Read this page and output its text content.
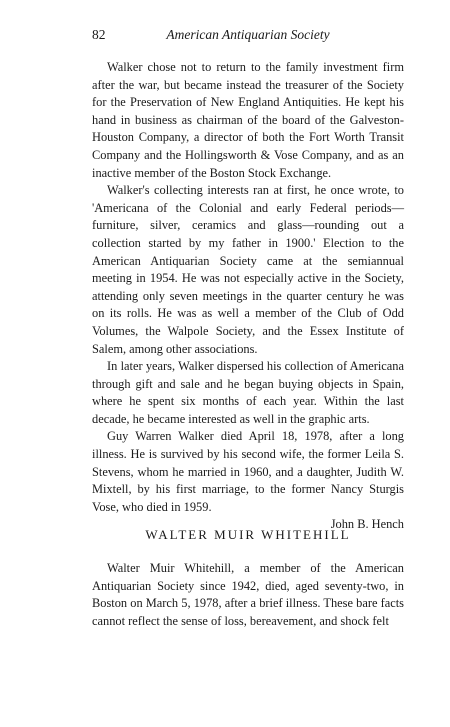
82	American Antiquarian Society

Walker chose not to return to the family investment firm after the war, but became instead the treasurer of the Society for the Preservation of New England Antiquities. He kept his hand in business as chairman of the board of the Galveston-Houston Company, a director of both the Fort Worth Transit Company and the Hollingsworth & Vose Company, and as an inactive member of the Boston Stock Exchange.

Walker's collecting interests ran at first, he once wrote, to 'Americana of the Colonial and early Federal periods—furniture, silver, ceramics and glass—rounding out a collection started by my father in 1900.' Election to the American Antiquarian Society came at the semiannual meeting in 1954. He was not especially active in the Society, attending only seven meetings in the quarter century he was on its rolls. He was as well a member of the Club of Odd Volumes, the Walpole Society, and the Essex Institute of Salem, among other associations.

In later years, Walker dispersed his collection of Americana through gift and sale and he began buying objects in Spain, where he spent six months of each year. Within the last decade, he became interested as well in the graphic arts.

Guy Warren Walker died April 18, 1978, after a long illness. He is survived by his second wife, the former Leila S. Stevens, whom he married in 1960, and a daughter, Judith W. Mixtell, by his first marriage, to the former Nancy Sturgis Vose, who died in 1959.

John B. Hench

WALTER MUIR WHITEHILL

Walter Muir Whitehill, a member of the American Antiquarian Society since 1942, died, aged seventy-two, in Boston on March 5, 1978, after a brief illness. These bare facts cannot reflect the sense of loss, bereavement, and shock felt
